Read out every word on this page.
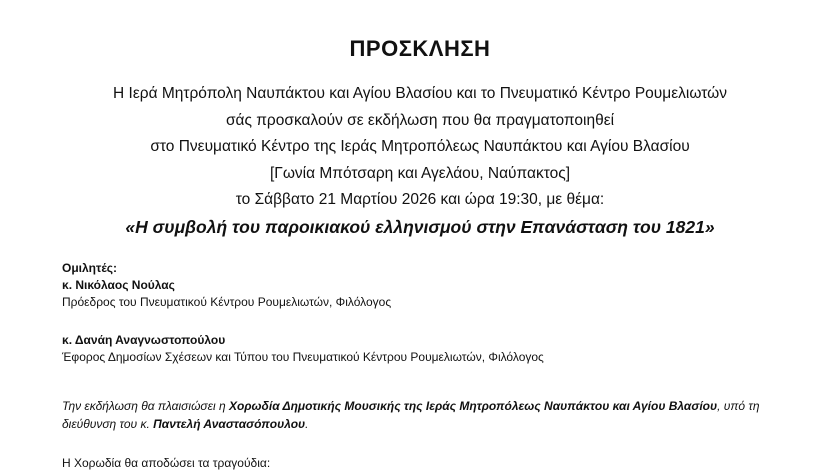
ΠΡΟΣΚΛΗΣΗ
Η Ιερά Μητρόπολη Ναυπάκτου και Αγίου Βλασίου και το Πνευματικό Κέντρο Ρουμελιωτών
σάς προσκαλούν σε εκδήλωση που θα πραγματοποιηθεί
στο Πνευματικό Κέντρο της Ιεράς Μητροπόλεως Ναυπάκτου και Αγίου Βλασίου
[Γωνία Μπότσαρη και Αγελάου, Ναύπακτος]
το Σάββατο 21 Μαρτίου 2026 και ώρα 19:30, με θέμα:
«Η συμβολή του παροικιακού ελληνισμού στην Επανάσταση του 1821»
Ομιλητές:
κ. Νικόλαος Νούλας
Πρόεδρος του Πνευματικού Κέντρου Ρουμελιωτών, Φιλόλογος
κ. Δανάη Αναγνωστοπούλου
Έφορος Δημοσίων Σχέσεων και Τύπου του Πνευματικού Κέντρου Ρουμελιωτών, Φιλόλογος
Την εκδήλωση θα πλαισιώσει η Χορωδία Δημοτικής Μουσικής της Ιεράς Μητροπόλεως Ναυπάκτου και Αγίου Βλασίου, υπό τη διεύθυνση του κ. Παντελή Αναστασόπουλου.
Η Χορωδία θα αποδώσει τα τραγούδια:
